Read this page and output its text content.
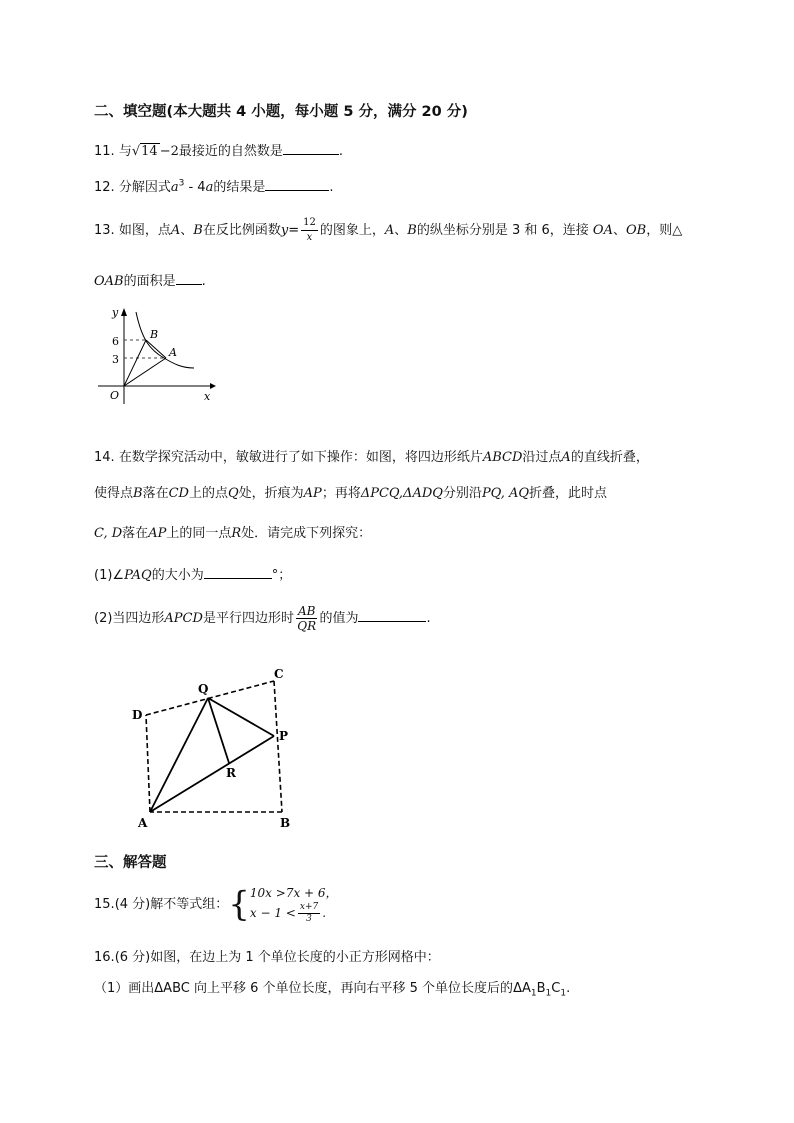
二、填空题(本大题共 4 小题，每小题 5 分，满分 20 分)
11. 与√14 −2最接近的自然数是	.
12. 分解因式$a^3 - 4a$的结果是	.
13. 如图，点A、B在反比例函数$y= \frac{12}{x}$ 的图象上，A、B的纵坐标分别是 3 和 6，连接 OA、OB，则△
OAB的面积是 .
y
x
O
B
A
6
3
14. 在数学探究活动中，敏敏进行了如下操作：如图，将四边形纸片ABCD沿过点A的直线折叠，
使得点B落在CD上的点Q处，折痕为AP；再将ΔPCQ,ΔADQ分别沿PQ, AQ折叠，此时点
C, D落在AP上的同一点R处．请完成下列探究：
(1)∠PAQ的大小为	°；
(2)当四边形APCD是平行四边形时 $\frac{AB}{QR}$ 的值为	.
D
C
Q
P
R
A	B
三、解答题
15.(4 分)解不等式组：{ 10x >7x + 6，
$x - 1 < \frac{x+7}{3}$ .
16.(6 分)如图，在边上为 1 个单位长度的小正方形网格中：
（1）画出ΔABC 向上平移 6 个单位长度，再向右平移 5 个单位长度后的$\Delta A_1B_1C_1$.
